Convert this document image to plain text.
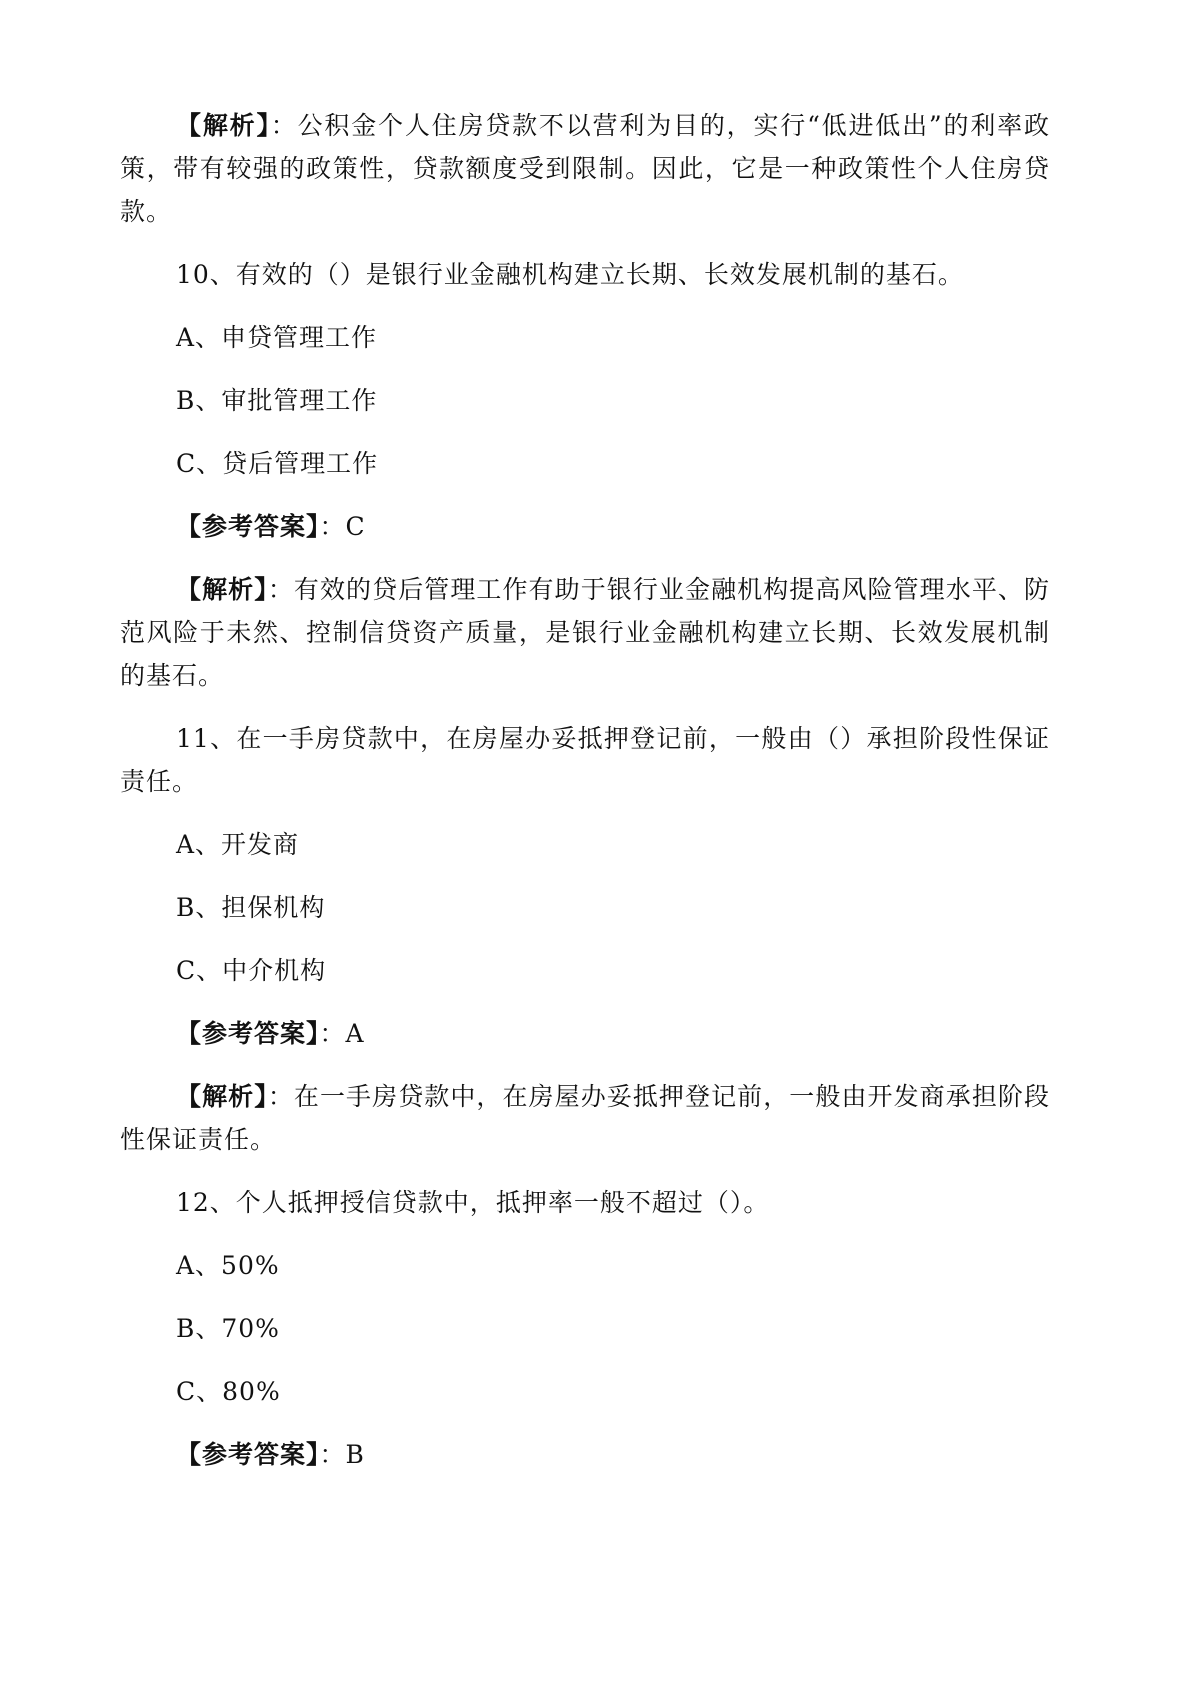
【解析】：公积金个人住房贷款不以营利为目的，实行“低进低出”的利率政策，带有较强的政策性，贷款额度受到限制。因此，它是一种政策性个人住房贷款。

10、有效的（）是银行业金融机构建立长期、长效发展机制的基石。

A、申贷管理工作

B、审批管理工作

C、贷后管理工作

【参考答案】：C

【解析】：有效的贷后管理工作有助于银行业金融机构提高风险管理水平、防范风险于未然、控制信贷资产质量，是银行业金融机构建立长期、长效发展机制的基石。

11、在一手房贷款中，在房屋办妥抵押登记前，一般由（）承担阶段性保证责任。

A、开发商

B、担保机构

C、中介机构

【参考答案】：A

【解析】：在一手房贷款中，在房屋办妥抵押登记前，一般由开发商承担阶段性保证责任。

12、个人抵押授信贷款中，抵押率一般不超过（）。

A、50%

B、70%

C、80%

【参考答案】：B
